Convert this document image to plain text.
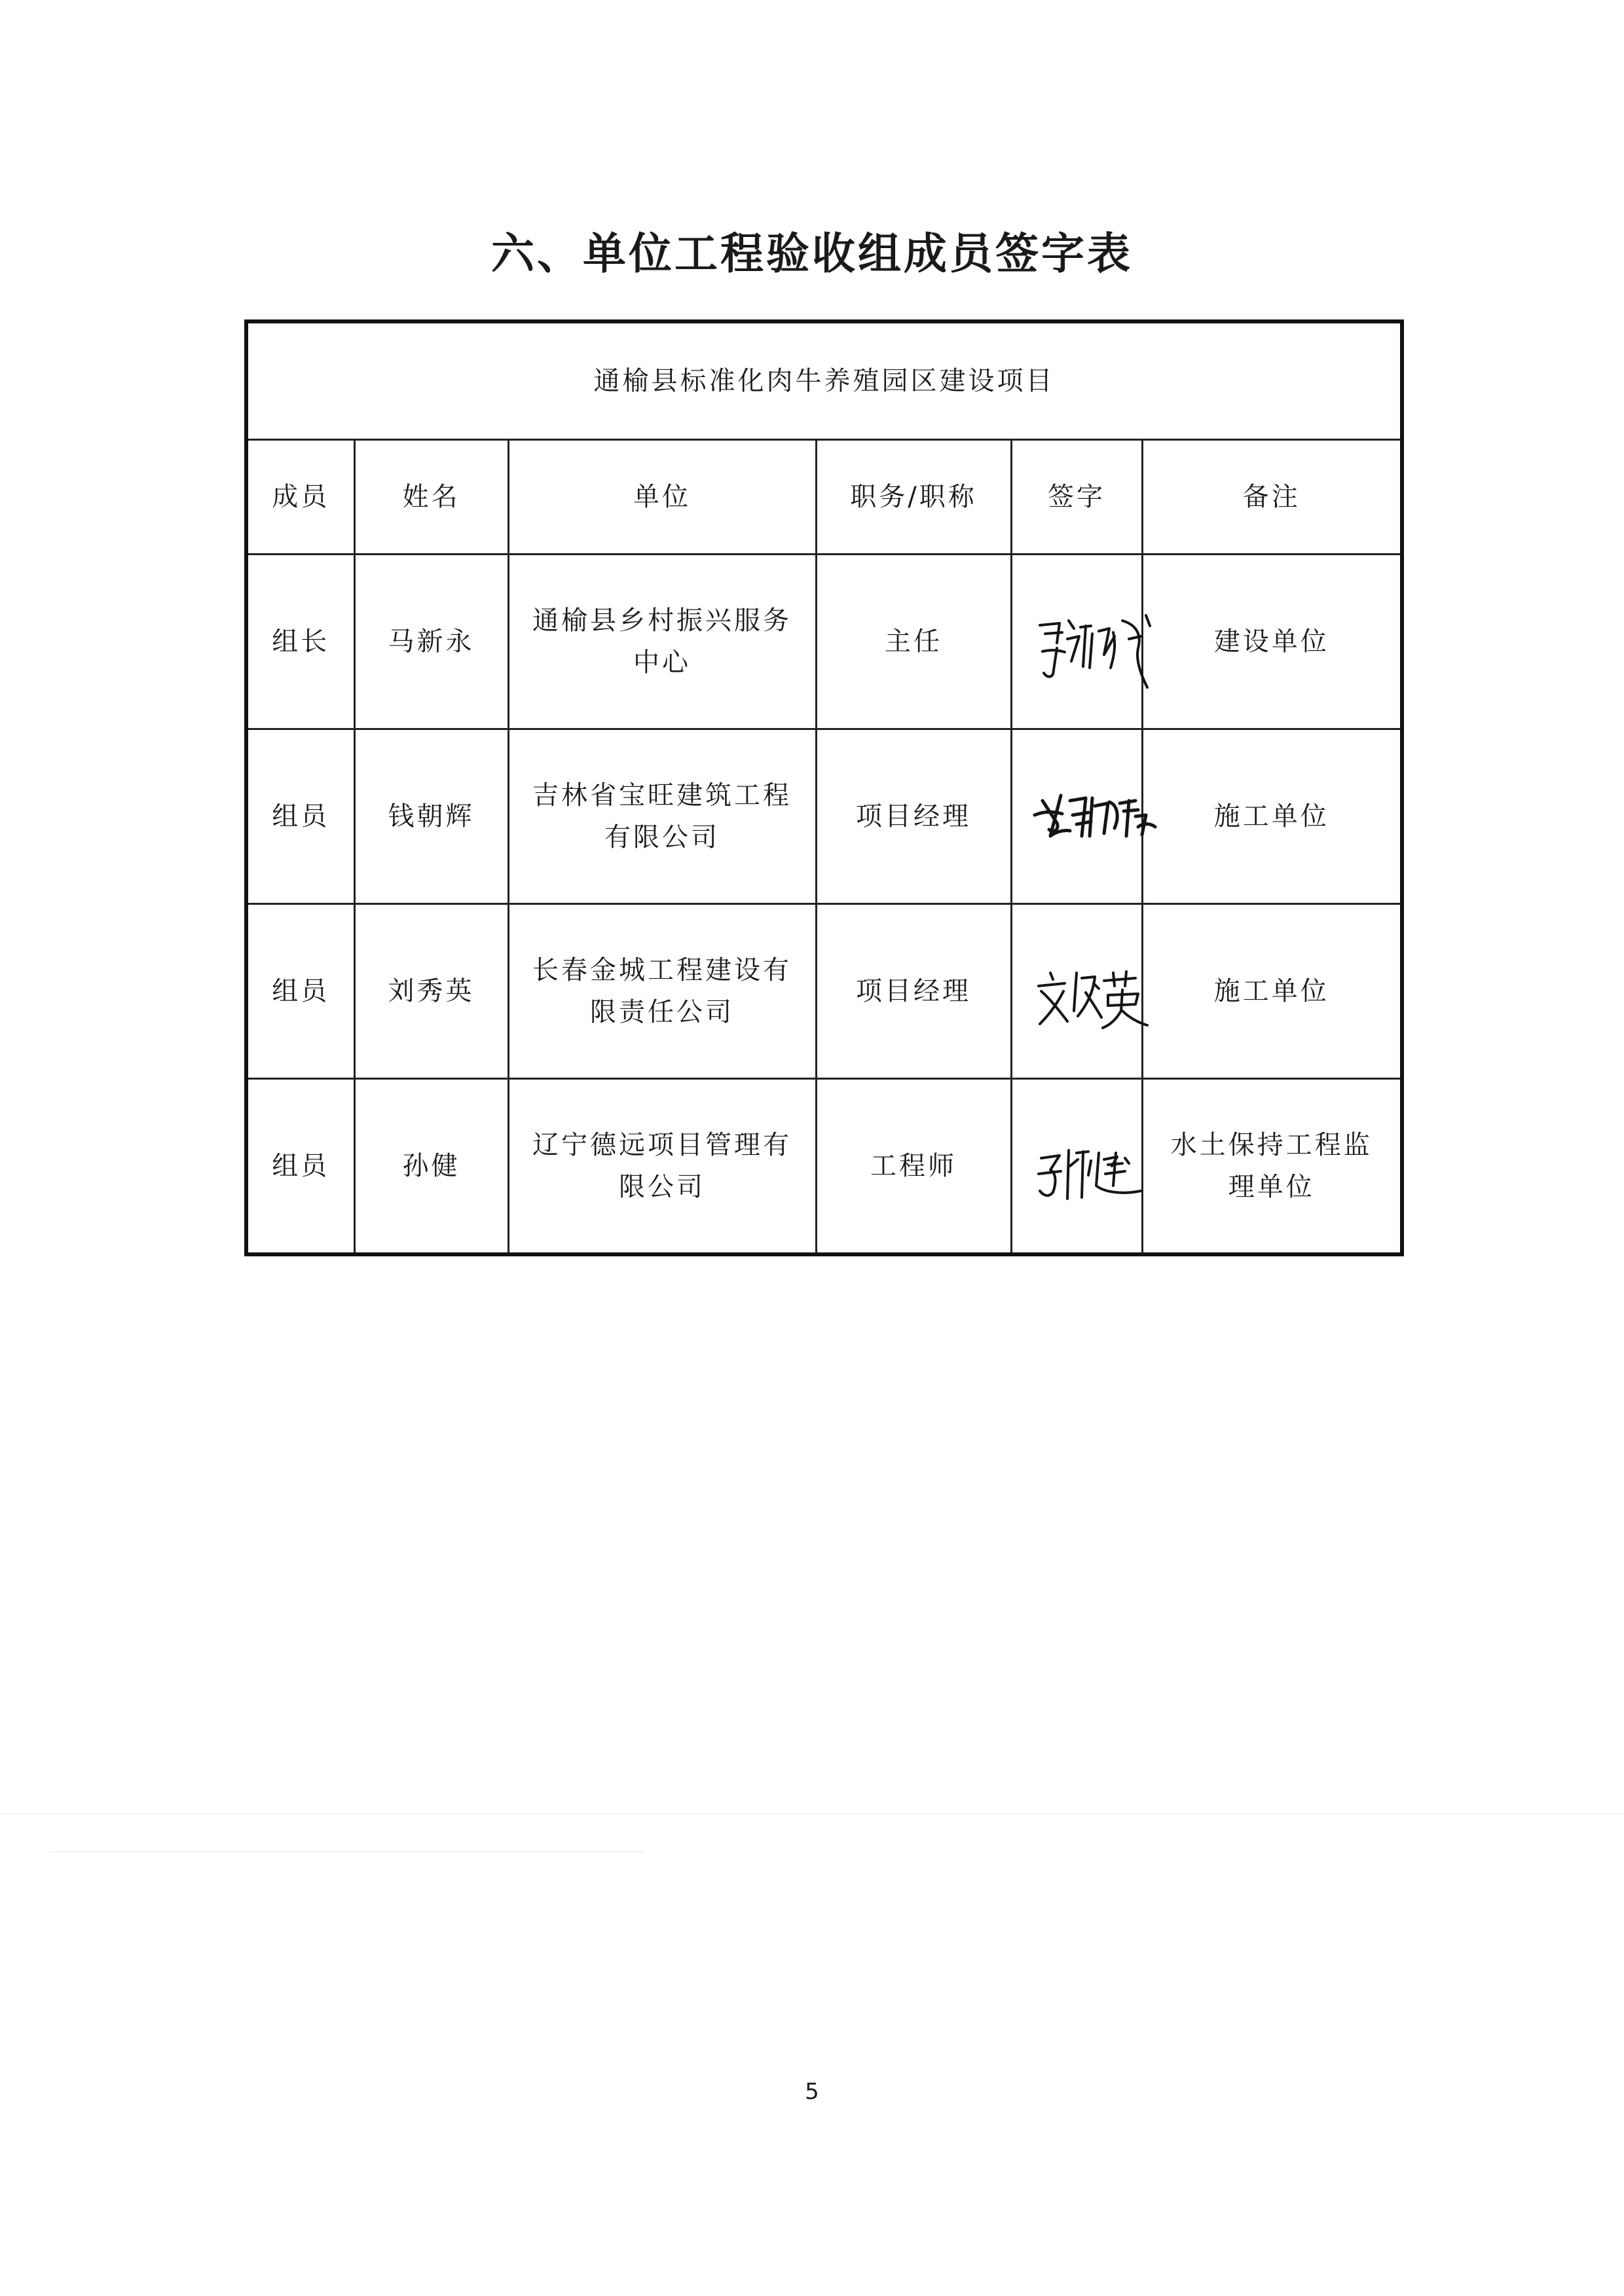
六、单位工程验收组成员签字表
通榆县标准化肉牛养殖园区建设项目					
成员	姓名	单位	职务/职称	签字	备注
组长	马新永	通榆县乡村振兴服务中心	主任		建设单位
组员	钱朝辉	吉林省宝旺建筑工程有限公司	项目经理		施工单位
组员	刘秀英	长春金城工程建设有限责任公司	项目经理		施工单位
组员	孙健	辽宁德远项目管理有限公司	工程师		水土保持工程监理单位
5
